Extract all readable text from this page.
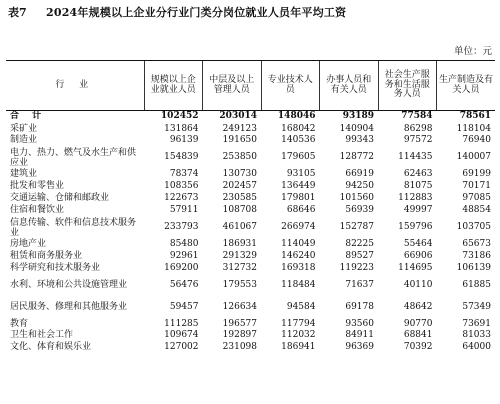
表7 2024年规模以上企业分行业门类分岗位就业人员年平均工资
单位：元
行 业	规模以上企业就业人员	中层及以上管理人员	专业技术人员	办事人员和有关人员	社会生产服务和生活服务人员	生产制造及有关人员
合 计	102452	203014	148046	93189	77584	78561
采矿业	131864	249123	168042	140904	86298	118104
制造业	96139	191650	140536	99343	97572	76940
电力、热力、燃气及水生产和供应业	154839	253850	179605	128772	114435	140007
建筑业	78374	130730	93105	66919	62463	69199
批发和零售业	108356	202457	136449	94250	81075	70171
交通运输、仓储和邮政业	122673	230585	179801	101560	112883	97085
住宿和餐饮业	57911	108708	68646	56939	49997	48854
信息传输、软件和信息技术服务业	233793	461067	266974	152787	159796	103705
房地产业	85480	186931	114049	82225	55464	65673
租赁和商务服务业	92961	291329	146240	89527	66906	73186
科学研究和技术服务业	169200	312732	169318	119223	114695	106139
水利、环境和公共设施管理业	56476	179553	118484	71637	40110	61885
居民服务、修理和其他服务业	59457	126634	94584	69178	48642	57349
教育	111285	196577	117794	93560	90770	73691
卫生和社会工作	109674	192897	112032	84911	68841	81033
文化、体育和娱乐业	127002	231098	186941	96369	70392	64000
